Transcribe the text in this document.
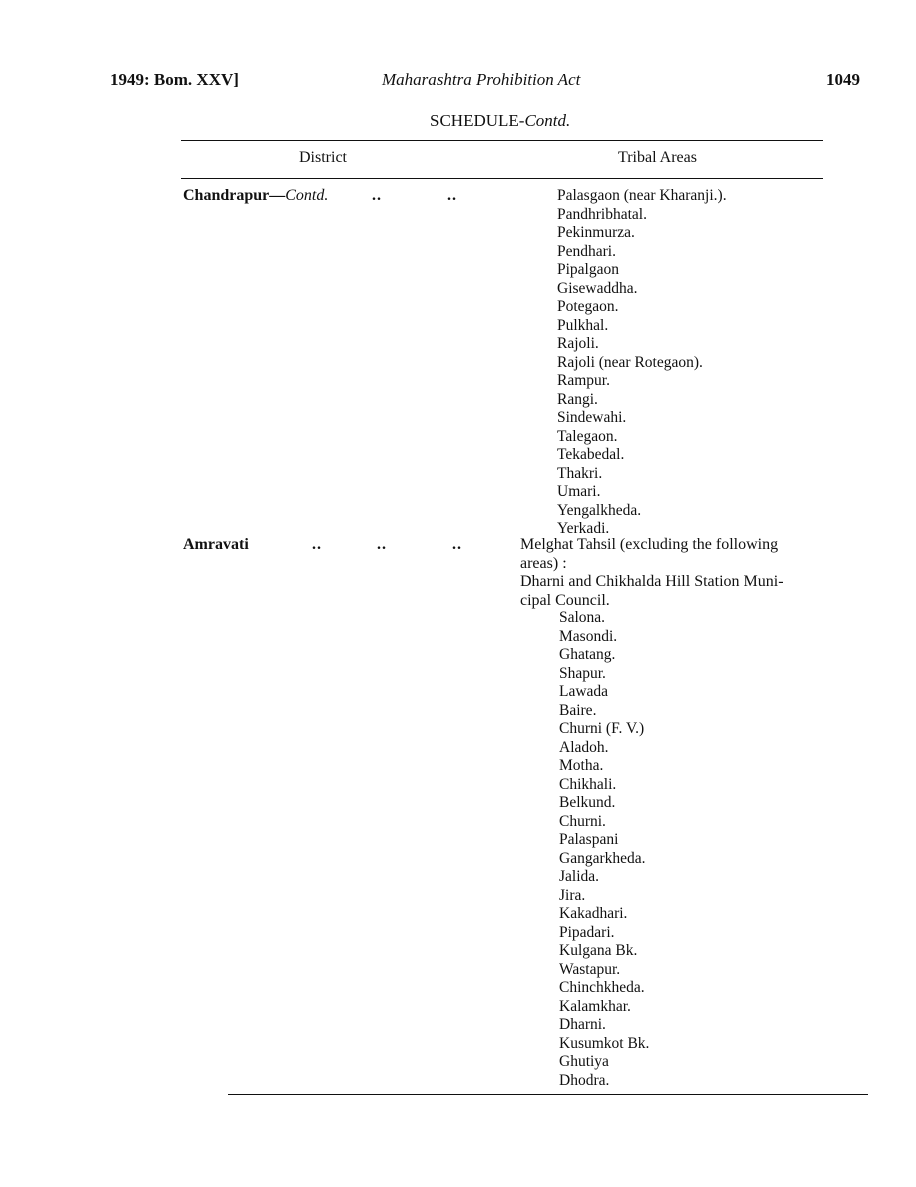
1949: Bom. XXV]	Maharashtra Prohibition Act	1049
SCHEDULE-Contd.
District	Tribal Areas
Chandrapur—Contd.	..             ..	Palasgaon (near Kharanji.).
Pandhribhatal.
Pekinmurza.
Pendhari.
Pipalgaon
Gisewaddha.
Potegaon.
Pulkhal.
Rajoli.
Rajoli (near Rotegaon).
Rampur.
Rangi.
Sindewahi.
Talegaon.
Tekabedal.
Thakri.
Umari.
Yengalkheda.
Yerkadi.
Amravati	..           ..             ..	Melghat Tahsil (excluding the following
areas) :
Dharni and Chikhalda Hill Station Muni-
cipal Council.
Salona.
Masondi.
Ghatang.
Shapur.
Lawada
Baire.
Churni (F. V.)
Aladoh.
Motha.
Chikhali.
Belkund.
Churni.
Palaspani
Gangarkheda.
Jalida.
Jira.
Kakadhari.
Pipadari.
Kulgana Bk.
Wastapur.
Chinchkheda.
Kalamkhar.
Dharni.
Kusumkot Bk.
Ghutiya
Dhodra.
